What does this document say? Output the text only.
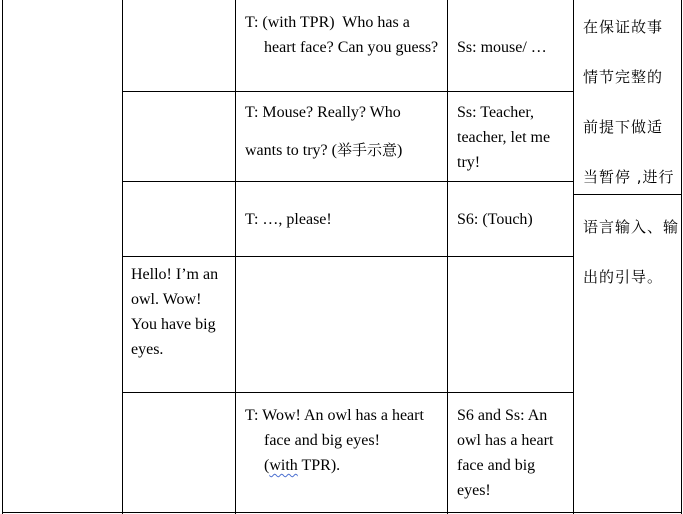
T: (with TPR)  Who has a heart face? Can you guess?	Ss: mouse/ …

T: Mouse? Really? Who

wants to try? (举手示意)

Ss: Teacher, teacher, let me try!

T: …, please!	S6: (Touch)

Hello! I’m an owl. Wow! You have big eyes.

T: Wow! An owl has a heart face and big eyes!

(with TPR).

S6 and Ss: An owl has a heart face and big eyes!

在保证故事

情节完整的

前提下做适

当暂停 ,进行

语言输入、输

出的引导。
